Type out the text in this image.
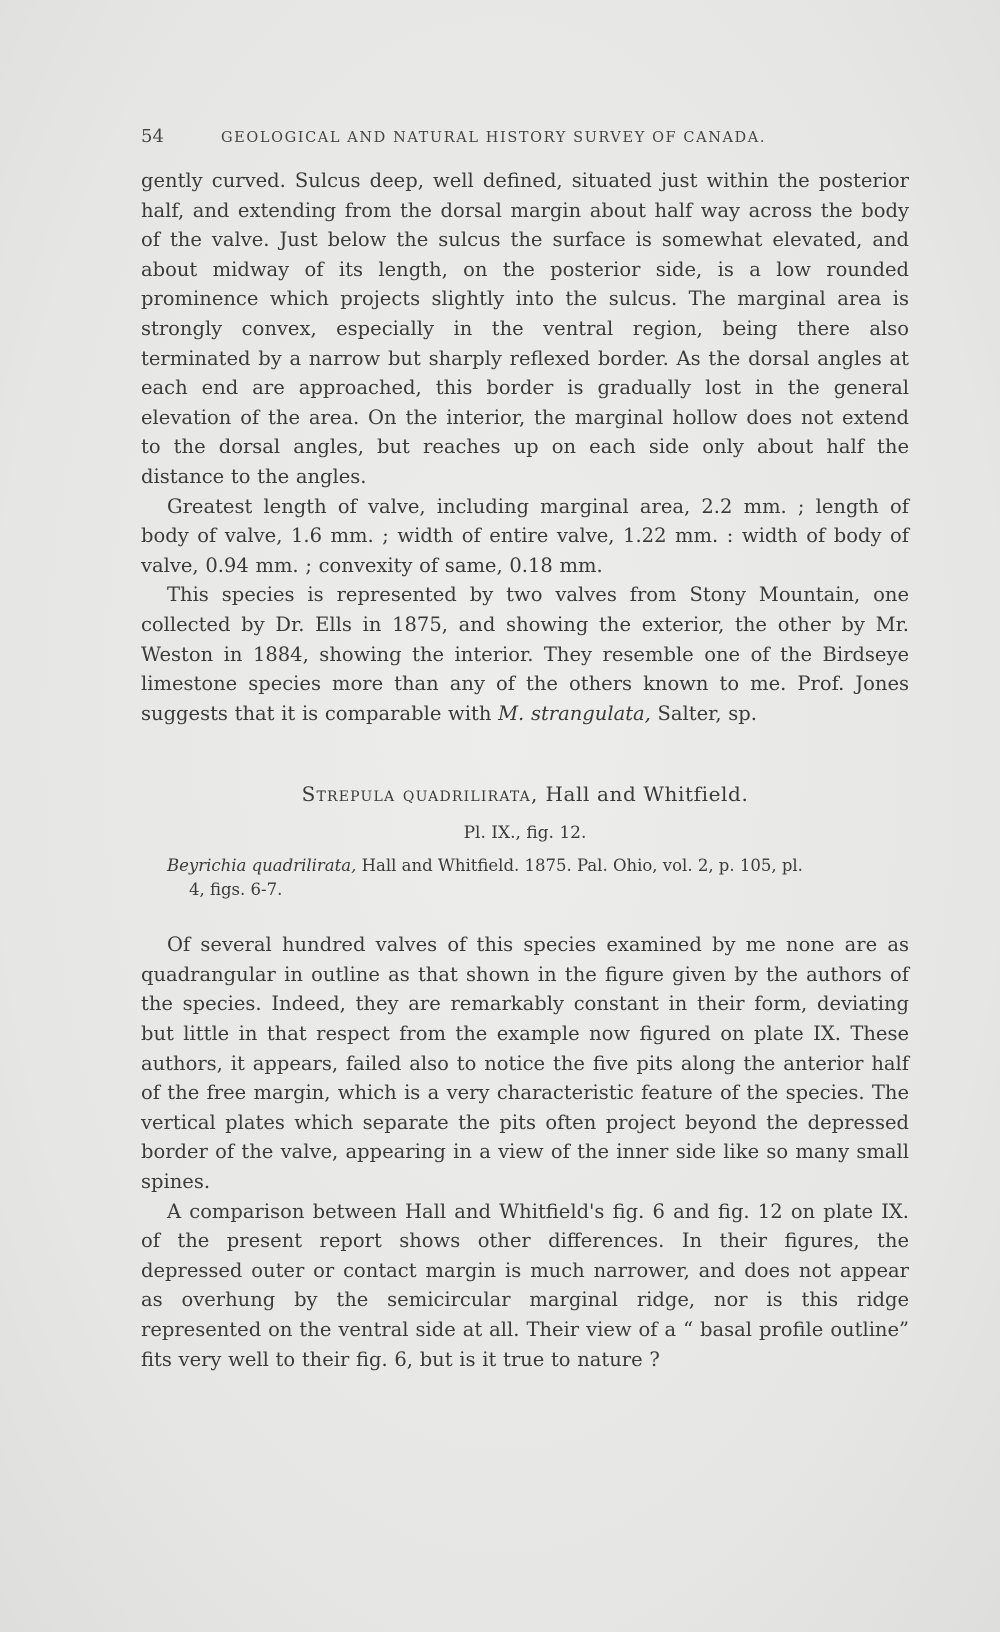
54	GEOLOGICAL AND NATURAL HISTORY SURVEY OF CANADA.

gently curved. Sulcus deep, well defined, situated just within the posterior half, and extending from the dorsal margin about half way across the body of the valve. Just below the sulcus the surface is somewhat elevated, and about midway of its length, on the posterior side, is a low rounded prominence which projects slightly into the sulcus. The marginal area is strongly convex, especially in the ventral region, being there also terminated by a narrow but sharply reflexed border. As the dorsal angles at each end are approached, this border is gradually lost in the general elevation of the area. On the interior, the marginal hollow does not extend to the dorsal angles, but reaches up on each side only about half the distance to the angles.

Greatest length of valve, including marginal area, 2.2 mm. ; length of body of valve, 1.6 mm. ; width of entire valve, 1.22 mm. : width of body of valve, 0.94 mm. ; convexity of same, 0.18 mm.

This species is represented by two valves from Stony Mountain, one collected by Dr. Ells in 1875, and showing the exterior, the other by Mr. Weston in 1884, showing the interior. They resemble one of the Birdseye limestone species more than any of the others known to me. Prof. Jones suggests that it is comparable with M. strangulata, Salter, sp.

Strepula quadrilirata, Hall and Whitfield.
Pl. IX., fig. 12.
Beyrichia quadrilirata, Hall and Whitfield. 1875. Pal. Ohio, vol. 2, p. 105, pl.
4, figs. 6-7.

Of several hundred valves of this species examined by me none are as quadrangular in outline as that shown in the figure given by the authors of the species. Indeed, they are remarkably constant in their form, deviating but little in that respect from the example now figured on plate IX. These authors, it appears, failed also to notice the five pits along the anterior half of the free margin, which is a very characteristic feature of the species. The vertical plates which separate the pits often project beyond the depressed border of the valve, appearing in a view of the inner side like so many small spines.

A comparison between Hall and Whitfield's fig. 6 and fig. 12 on plate IX. of the present report shows other differences. In their figures, the depressed outer or contact margin is much narrower, and does not appear as overhung by the semicircular marginal ridge, nor is this ridge represented on the ventral side at all. Their view of a “ basal profile outline” fits very well to their fig. 6, but is it true to nature ?
